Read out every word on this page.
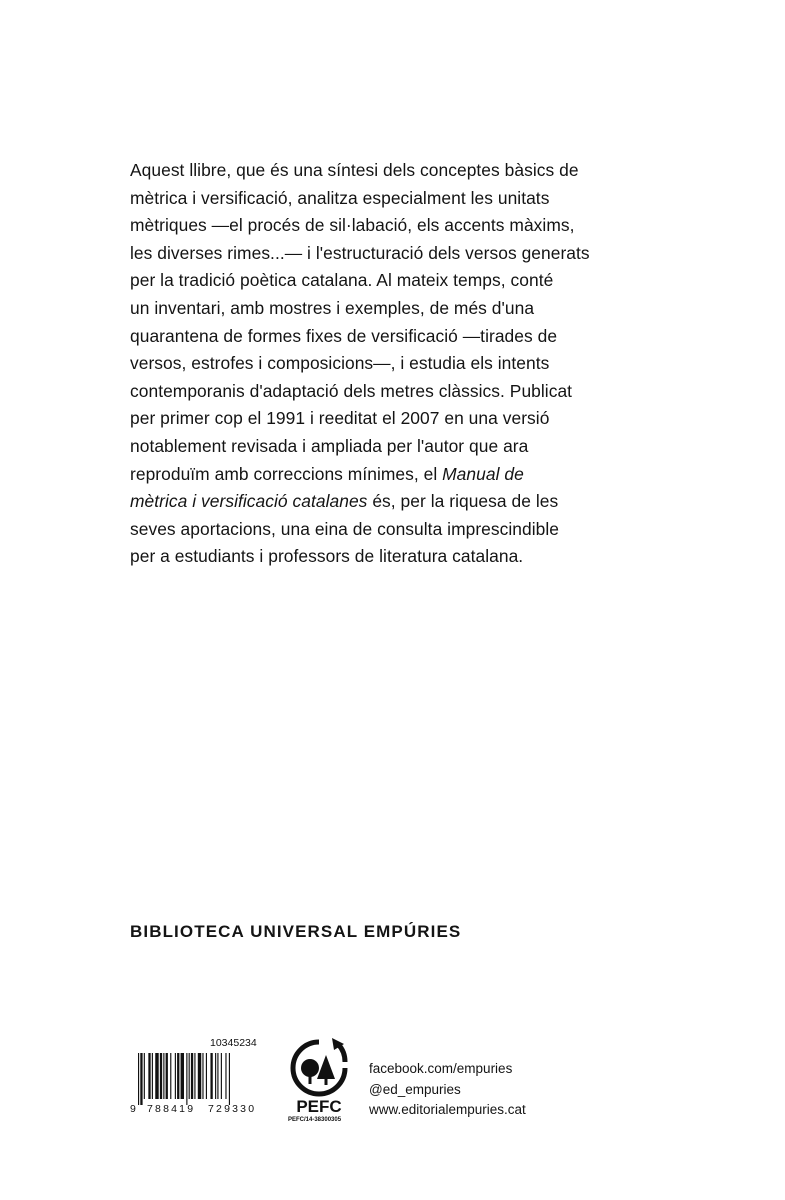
Aquest llibre, que és una síntesi dels conceptes bàsics de
mètrica i versificació, analitza especialment les unitats
mètriques —el procés de sil·labació, els accents màxims,
les diverses rimes...— i l'estructuració dels versos generats
per la tradició poètica catalana. Al mateix temps, conté
un inventari, amb mostres i exemples, de més d'una
quarantena de formes fixes de versificació —tirades de
versos, estrofes i composicions—, i estudia els intents
contemporanis d'adaptació dels metres clàssics. Publicat
per primer cop el 1991 i reeditat el 2007 en una versió
notablement revisada i ampliada per l'autor que ara
reproduïm amb correccions mínimes, el Manual de
mètrica i versificació catalanes és, per la riquesa de les
seves aportacions, una eina de consulta imprescindible
per a estudiants i professors de literatura catalana.
BIBLIOTECA UNIVERSAL EMPÚRIES
10345234
9 788419 729330 PEFC
PEFC/14-38300305
facebook.com/empuries
@ed_empuries
www.editorialempuries.cat
